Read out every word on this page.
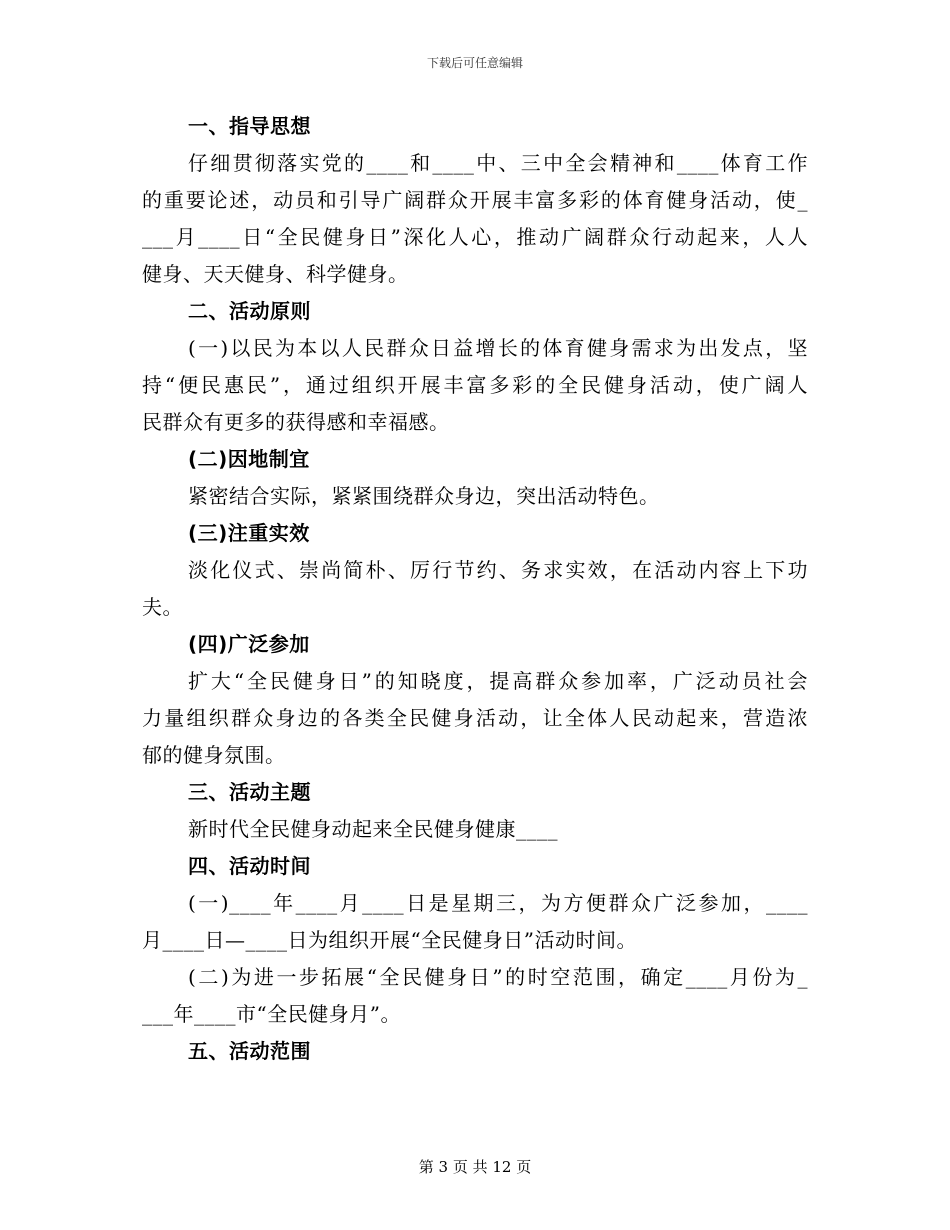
下载后可任意编辑
一、指导思想
仔细贯彻落实党的____和____中、三中全会精神和____体育工作
的重要论述，动员和引导广阔群众开展丰富多彩的体育健身活动，使_
___月____日“全民健身日”深化人心，推动广阔群众行动起来，人人
健身、天天健身、科学健身。
二、活动原则
(一)以民为本以人民群众日益增长的体育健身需求为出发点，坚
持“便民惠民”，通过组织开展丰富多彩的全民健身活动，使广阔人
民群众有更多的获得感和幸福感。
(二)因地制宜
紧密结合实际，紧紧围绕群众身边，突出活动特色。
(三)注重实效
淡化仪式、崇尚简朴、厉行节约、务求实效，在活动内容上下功
夫。
(四)广泛参加
扩大“全民健身日”的知晓度，提高群众参加率，广泛动员社会
力量组织群众身边的各类全民健身活动，让全体人民动起来，营造浓
郁的健身氛围。
三、活动主题
新时代全民健身动起来全民健身健康____
四、活动时间
(一)____年____月____日是星期三，为方便群众广泛参加，____
月____日—____日为组织开展“全民健身日”活动时间。
(二)为进一步拓展“全民健身日”的时空范围，确定____月份为_
___年____市“全民健身月”。
五、活动范围
第 3 页 共 12 页
